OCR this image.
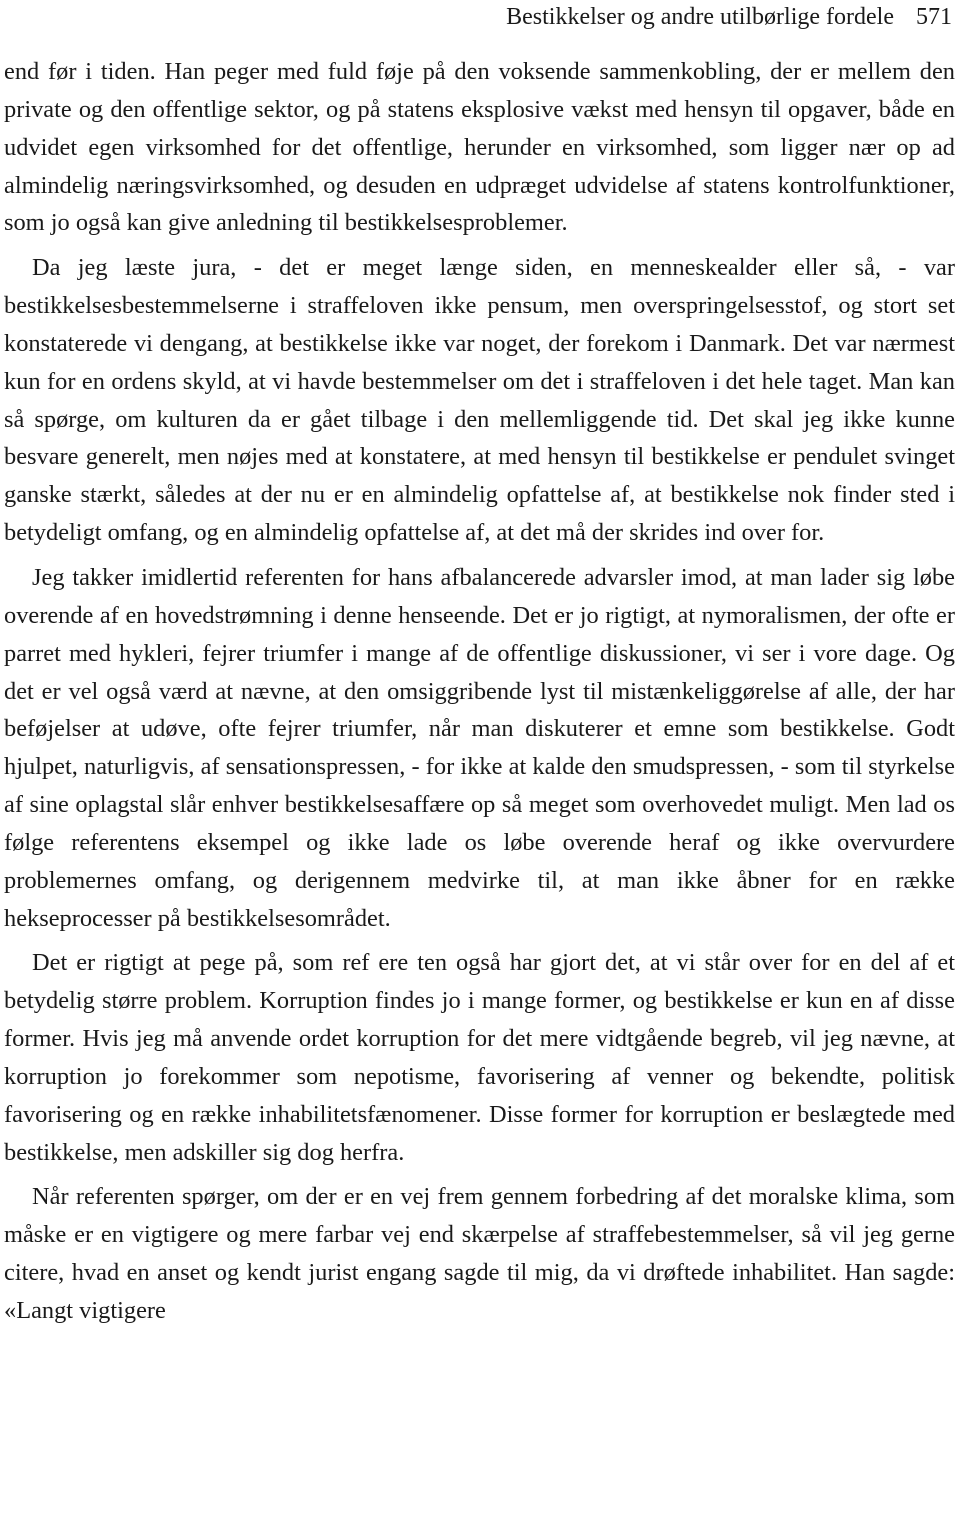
Bestikkelser og andre utilbørlige fordele 571

end før i tiden. Han peger med fuld føje på den voksende sammenkobling, der er mellem den private og den offentlige sektor, og på statens eksplosive vækst med hensyn til opgaver, både en udvidet egen virksomhed for det offentlige, herunder en virksomhed, som ligger nær op ad almindelig næringsvirksomhed, og desuden en udpræget udvidelse af statens kontrolfunktioner, som jo også kan give anledning til bestikkelsesproblemer.

Da jeg læste jura, - det er meget længe siden, en menneskealder eller så, - var bestikkelsesbestemmelserne i straffeloven ikke pensum, men overspringelsesstof, og stort set konstaterede vi dengang, at bestikkelse ikke var noget, der forekom i Danmark. Det var nærmest kun for en ordens skyld, at vi havde bestemmelser om det i straffeloven i det hele taget. Man kan så spørge, om kulturen da er gået tilbage i den mellemliggende tid. Det skal jeg ikke kunne besvare generelt, men nøjes med at konstatere, at med hensyn til bestikkelse er pendulet svinget ganske stærkt, således at der nu er en almindelig opfattelse af, at bestikkelse nok finder sted i betydeligt omfang, og en almindelig opfattelse af, at det må der skrides ind over for.

Jeg takker imidlertid referenten for hans afbalancerede advarsler imod, at man lader sig løbe overende af en hovedstrømning i denne henseende. Det er jo rigtigt, at nymoralismen, der ofte er parret med hykleri, fejrer triumfer i mange af de offentlige diskussioner, vi ser i vore dage. Og det er vel også værd at nævne, at den omsiggribende lyst til mistænkeliggørelse af alle, der har beføjelser at udøve, ofte fejrer triumfer, når man diskuterer et emne som bestikkelse. Godt hjulpet, naturligvis, af sensationspressen, - for ikke at kalde den smudspressen, - som til styrkelse af sine oplagstal slår enhver bestikkelsesaffære op så meget som overhovedet muligt. Men lad os følge referentens eksempel og ikke lade os løbe overende heraf og ikke overvurdere problemernes omfang, og derigennem medvirke til, at man ikke åbner for en række hekseprocesser på bestikkelsesområdet.

Det er rigtigt at pege på, som ref ere ten også har gjort det, at vi står over for en del af et betydelig større problem. Korruption findes jo i mange former, og bestikkelse er kun en af disse former. Hvis jeg må anvende ordet korruption for det mere vidtgående begreb, vil jeg nævne, at korruption jo forekommer som nepotisme, favorisering af venner og bekendte, politisk favorisering og en række inhabilitetsfænomener. Disse former for korruption er beslægtede med bestikkelse, men adskiller sig dog herfra.

Når referenten spørger, om der er en vej frem gennem forbedring af det moralske klima, som måske er en vigtigere og mere farbar vej end skærpelse af straffebestemmelser, så vil jeg gerne citere, hvad en anset og kendt jurist engang sagde til mig, da vi drøftede inhabilitet. Han sagde: «Langt vigtigere
